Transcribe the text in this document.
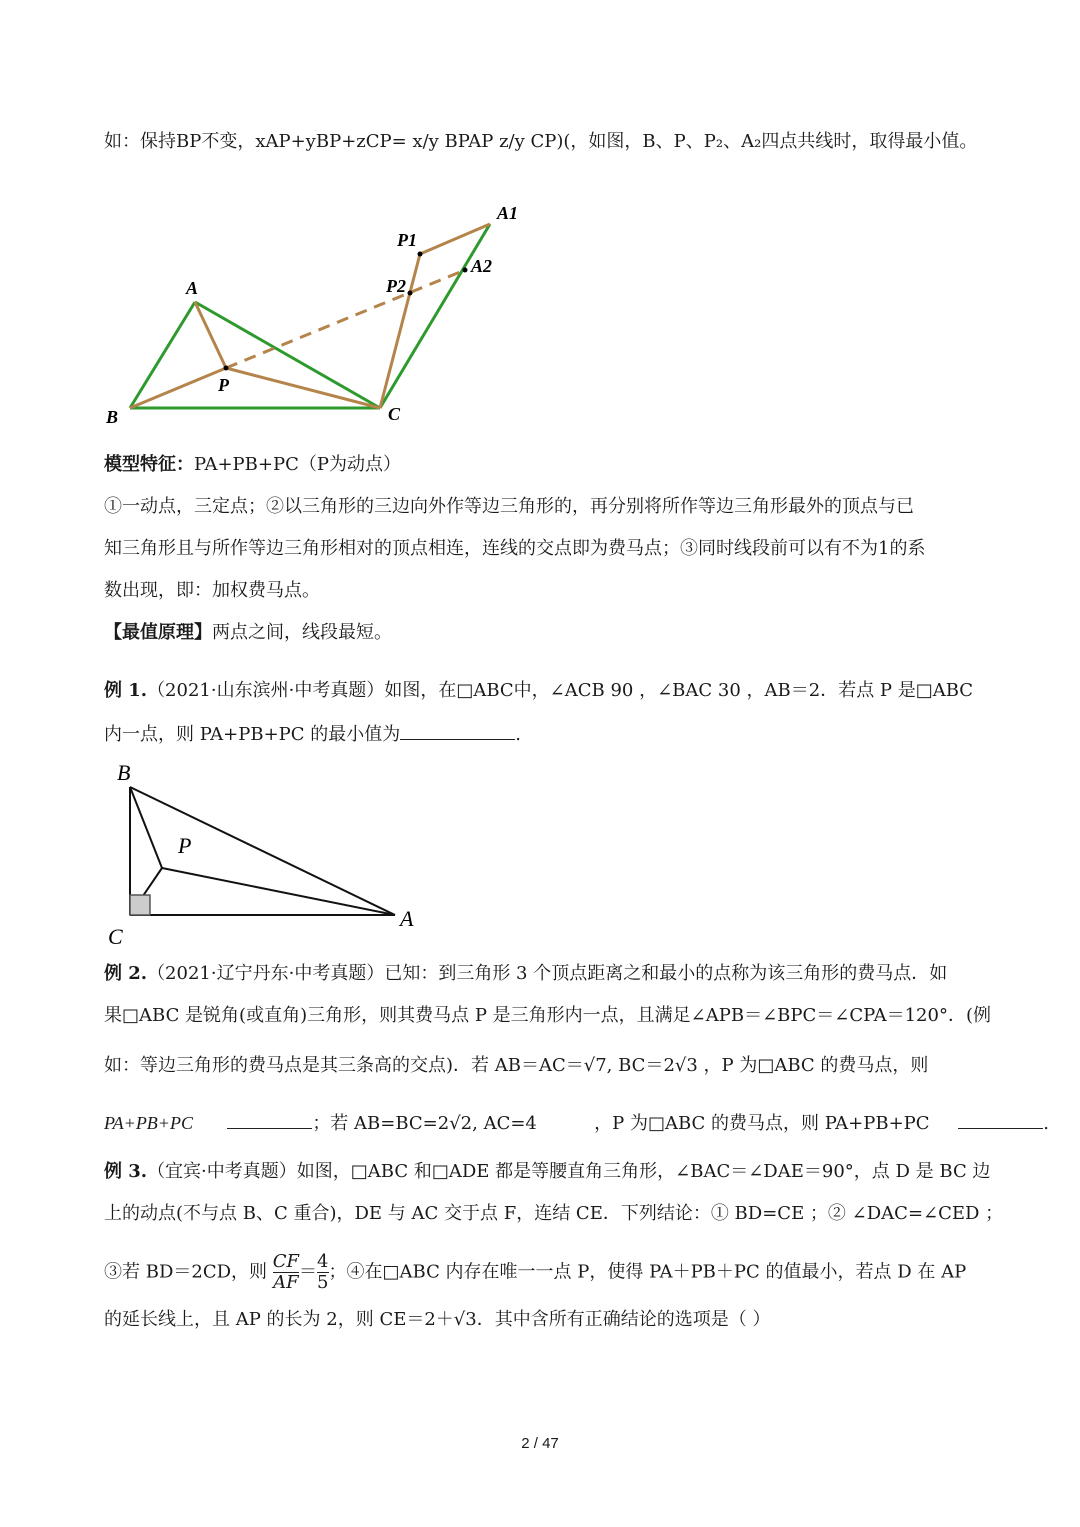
如：保持BP不变，xAP+yBP+zCP= x/y BPAP z/y CP)(，如图，B、P、P₂、A₂四点共线时，取得最小值。
A
B	C
P
P1
P2
A1
A2
B
C
A
P
模型特征：PA+PB+PC（P为动点）
①一动点，三定点；②以三角形的三边向外作等边三角形的，再分别将所作等边三角形最外的顶点与已
知三角形且与所作等边三角形相对的顶点相连，连线的交点即为费马点；③同时线段前可以有不为1的系
数出现，即：加权费马点。
【最值原理】两点之间，线段最短。
例 1.（2021·山东滨州·中考真题）如图，在□ABC中，∠ACB 90 ，∠BAC 30 ，AB＝2．若点 P 是□ABC
内一点，则 PA+PB+PC 的最小值为	.
例 2.（2021·辽宁丹东·中考真题）已知：到三角形 3 个顶点距离之和最小的点称为该三角形的费马点．如
果□ABC 是锐角(或直角)三角形，则其费马点 P 是三角形内一点，且满足∠APB＝∠BPC＝∠CPA＝120°．(例
如：等边三角形的费马点是其三条高的交点)．若 AB＝AC＝√7, BC＝2√3 ，P 为□ABC 的费马点，则
PA+PB+PC	；若 AB=BC=2√2, AC=4	，P 为□ABC 的费马点，则 PA+PB+PC	.
例 3.（宜宾·中考真题）如图，□ABC 和□ADE 都是等腰直角三角形，∠BAC＝∠DAE＝90°，点 D 是 BC 边
上的动点(不与点 B、C 重合)，DE 与 AC 交于点 F，连结 CE．下列结论：① BD=CE ；② ∠DAC=∠CED ；
③若 BD＝2CD，则 $\frac{CF}{AF} = \frac{4}{5}$ ；④在□ABC 内存在唯一一点 P，使得 PA＋PB＋PC 的值最小，若点 D 在 AP
的延长线上，且 AP 的长为 2，则 CE＝2＋√3．其中含所有正确结论的选项是（ ）
2 / 47
